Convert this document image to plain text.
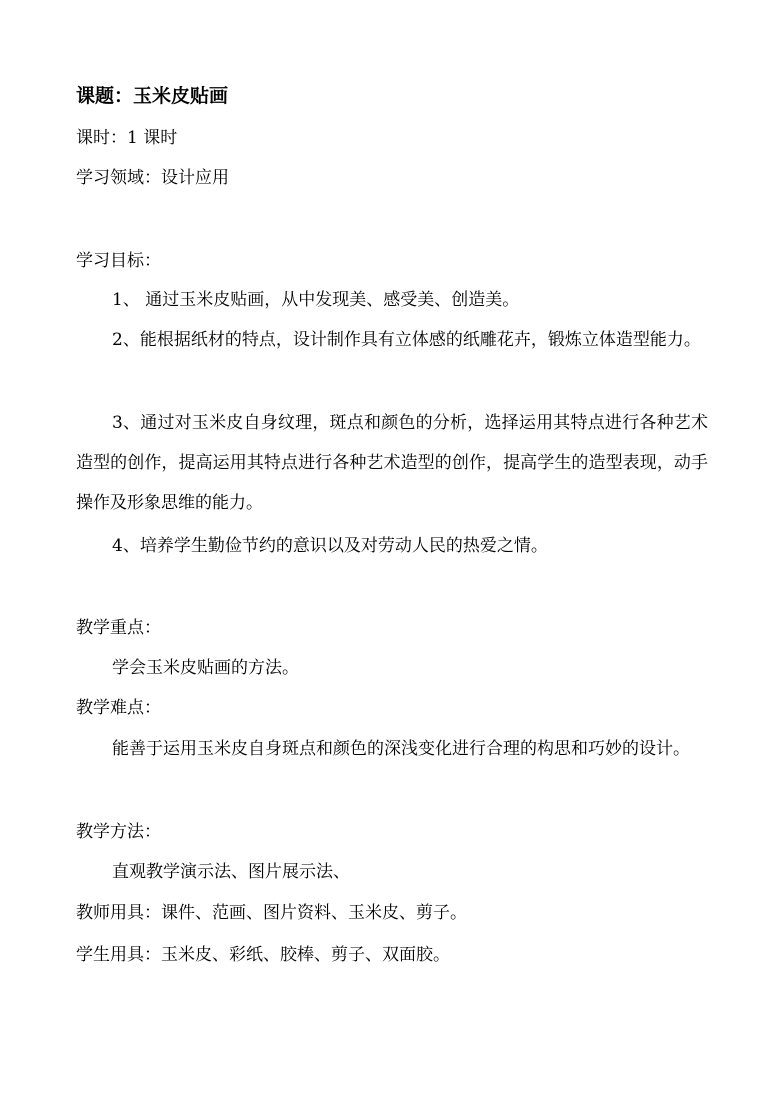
课题：玉米皮贴画
课时：1 课时
学习领域：设计应用
学习目标：
1、 通过玉米皮贴画，从中发现美、感受美、创造美。
2、能根据纸材的特点，设计制作具有立体感的纸雕花卉，锻炼立体造型能力。
3、通过对玉米皮自身纹理，斑点和颜色的分析，选择运用其特点进行各种艺术造型的创作，提高运用其特点进行各种艺术造型的创作，提高学生的造型表现，动手操作及形象思维的能力。
4、培养学生勤俭节约的意识以及对劳动人民的热爱之情。
教学重点：
学会玉米皮贴画的方法。
教学难点：
能善于运用玉米皮自身斑点和颜色的深浅变化进行合理的构思和巧妙的设计。
教学方法：
直观教学演示法、图片展示法、
教师用具：课件、范画、图片资料、玉米皮、剪子。
学生用具：玉米皮、彩纸、胶棒、剪子、双面胶。
